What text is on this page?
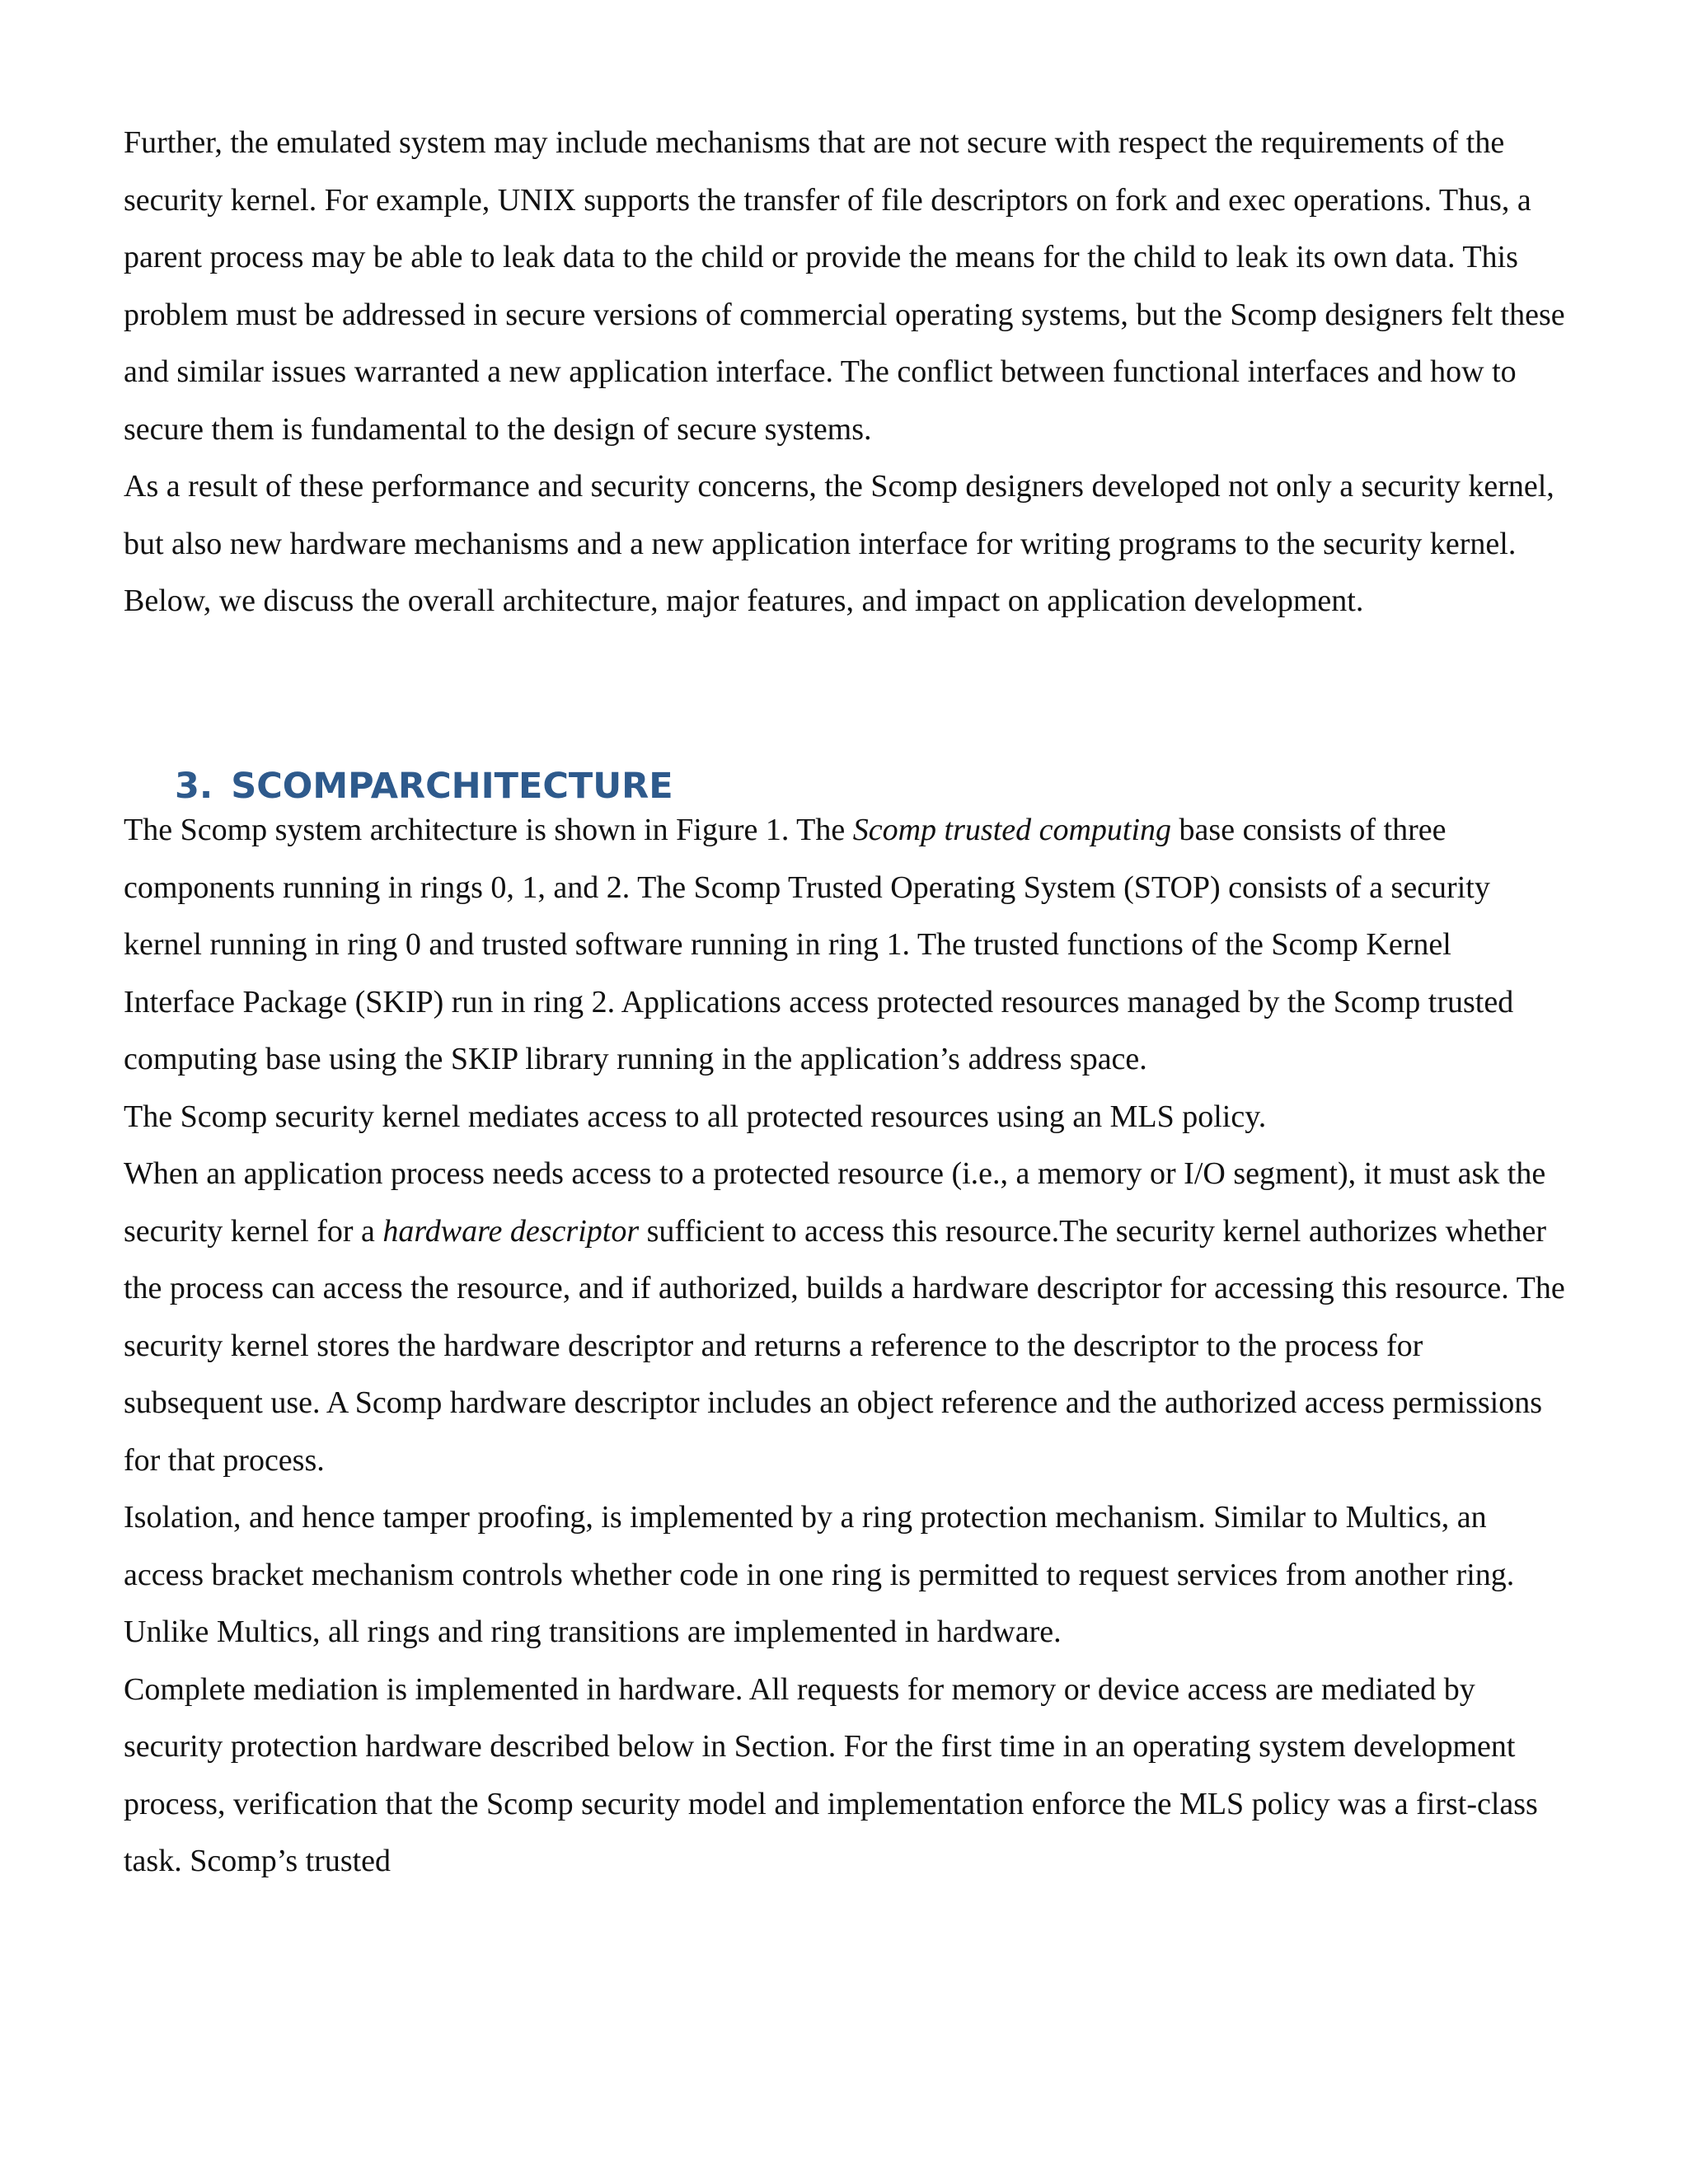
Further, the emulated system may include mechanisms that are not secure with respect the requirements of the security kernel. For example, UNIX supports the transfer of file descriptors on fork and exec operations. Thus, a parent process may be able to leak data to the child or provide the means for the child to leak its own data. This problem must be addressed in secure versions of commercial operating systems, but the Scomp designers felt these and similar issues warranted a new application interface. The conflict between functional interfaces and how to secure them is fundamental to the design of secure systems.

As a result of these performance and security concerns, the Scomp designers developed not only a security kernel, but also new hardware mechanisms and a new application interface for writing programs to the security kernel. Below, we discuss the overall architecture, major features, and impact on application development.

3. SCOMPARCHITECTURE

The Scomp system architecture is shown in Figure 1. The Scomp trusted computing base consists of three components running in rings 0, 1, and 2. The Scomp Trusted Operating System (STOP) consists of a security kernel running in ring 0 and trusted software running in ring 1. The trusted functions of the Scomp Kernel Interface Package (SKIP) run in ring 2. Applications access protected resources managed by the Scomp trusted computing base using the SKIP library running in the application’s address space.

The Scomp security kernel mediates access to all protected resources using an MLS policy.

When an application process needs access to a protected resource (i.e., a memory or I/O segment), it must ask the security kernel for a hardware descriptor sufficient to access this resource.The security kernel authorizes whether the process can access the resource, and if authorized, builds a hardware descriptor for accessing this resource. The security kernel stores the hardware descriptor and returns a reference to the descriptor to the process for subsequent use. A Scomp hardware descriptor includes an object reference and the authorized access permissions for that process.

Isolation, and hence tamper proofing, is implemented by a ring protection mechanism. Similar to Multics, an access bracket mechanism controls whether code in one ring is permitted to request services from another ring. Unlike Multics, all rings and ring transitions are implemented in hardware.

Complete mediation is implemented in hardware. All requests for memory or device access are mediated by security protection hardware described below in Section. For the first time in an operating system development process, verification that the Scomp security model and implementation enforce the MLS policy was a first-class task. Scomp’s trusted
